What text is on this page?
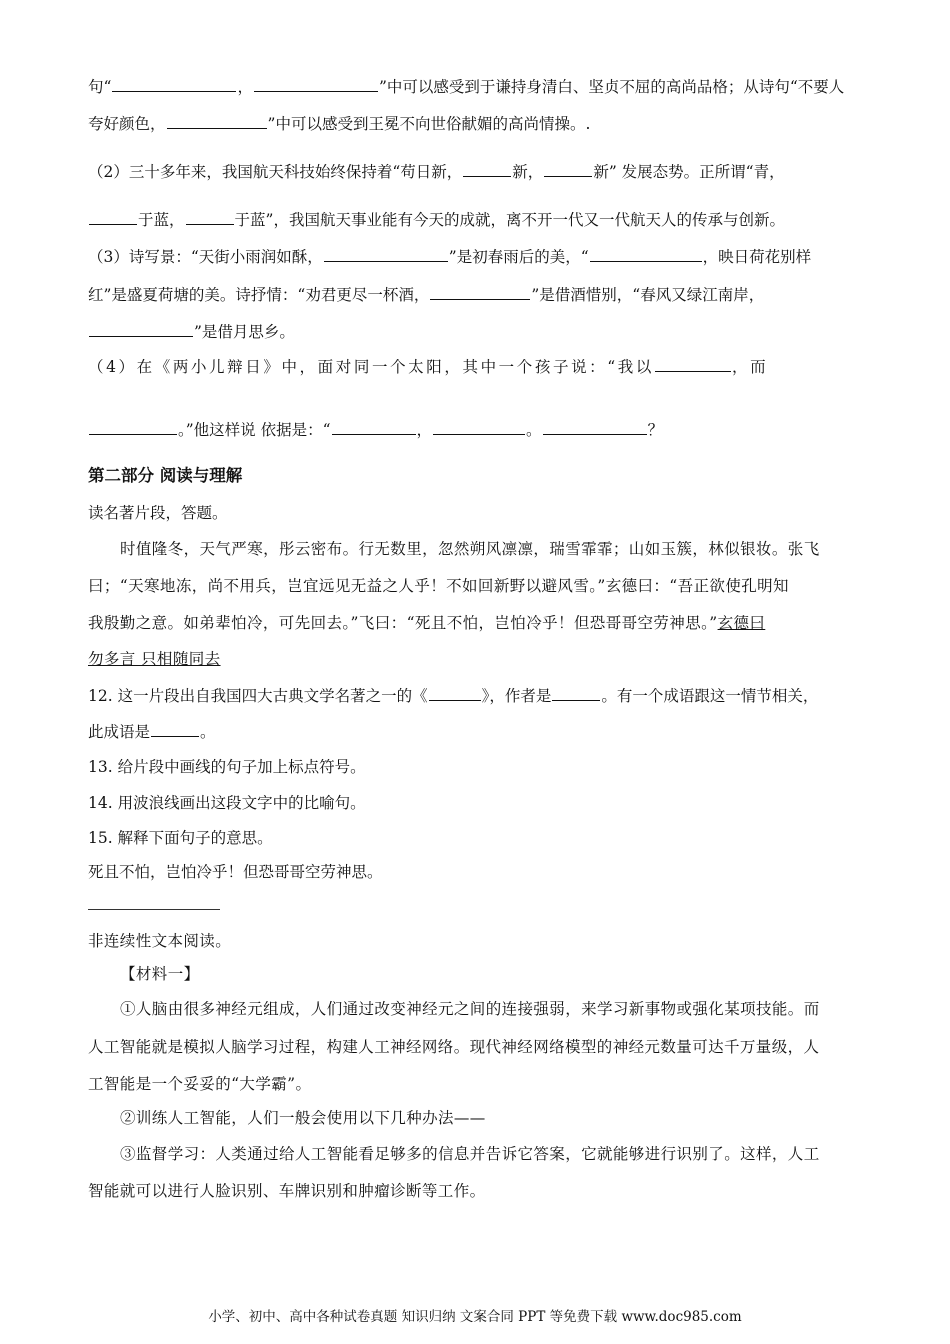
句“	，	”中可以感受到于谦持身清白、坚贞不屈的高尚品格；从诗句“不要人
夸好颜色，	”中可以感受到王冕不向世俗献媚的高尚情操。.
（2）三十多年来，我国航天科技始终保持着“苟日新，	新，	新” 发展态势。正所谓“青，
于蓝，	于蓝”，我国航天事业能有今天的成就，离不开一代又一代航天人的传承与创新。
（3）诗写景：“天街小雨润如酥，	”是初春雨后的美，“	，映日荷花别样
红”是盛夏荷塘的美。诗抒情：“劝君更尽一杯酒，	”是借酒惜别，“春风又绿江南岸，
”是借月思乡。
（4）在《两小儿辩日》中，面对同一个太阳，其中一个孩子说：“我以	，而
。”他这样说 依据是：“	，	。	？
第二部分 阅读与理解
读名著片段，答题。
时值隆冬，天气严寒，彤云密布。行无数里，忽然朔风凛凛，瑞雪霏霏；山如玉簇，林似银妆。张飞
曰；“天寒地冻，尚不用兵，岂宜远见无益之人乎！不如回新野以避风雪。”玄德曰：“吾正欲使孔明知
我殷勤之意。如弟辈怕冷，可先回去。”飞曰：“死且不怕，岂怕冷乎！但恐哥哥空劳神思。”玄德曰
勿多言 只相随同去
12. 这一片段出自我国四大古典文学名著之一的《	》，作者是	。有一个成语跟这一情节相关，
此成语是	。
13. 给片段中画线的句子加上标点符号。
14. 用波浪线画出这段文字中的比喻句。
15. 解释下面句子的意思。
死且不怕，岂怕冷乎！但恐哥哥空劳神思。
非连续性文本阅读。
【材料一】
①人脑由很多神经元组成，人们通过改变神经元之间的连接强弱，来学习新事物或强化某项技能。而
人工智能就是模拟人脑学习过程，构建人工神经网络。现代神经网络模型的神经元数量可达千万量级，人
工智能是一个妥妥的“大学霸”。
②训练人工智能，人们一般会使用以下几种办法——
③监督学习：人类通过给人工智能看足够多的信息并告诉它答案，它就能够进行识别了。这样，人工
智能就可以进行人脸识别、车牌识别和肿瘤诊断等工作。
小学、初中、高中各种试卷真题 知识归纳 文案合同 PPT 等免费下载 www.doc985.com
